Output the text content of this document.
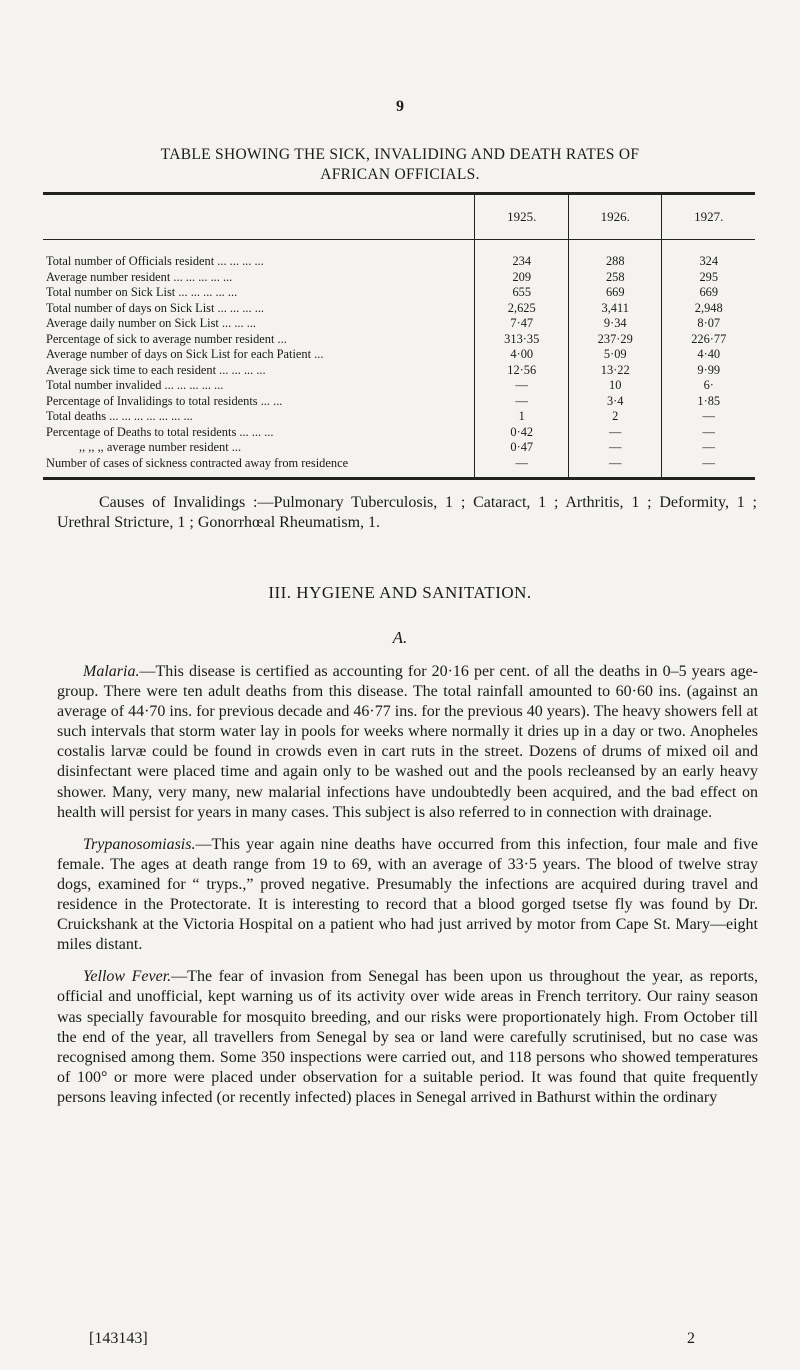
9
TABLE SHOWING THE SICK, INVALIDING AND DEATH RATES OF
AFRICAN OFFICIALS.
	1925.	1926.	1927.
Total number of Officials resident ... ... ... ...	234	288	324
Average number resident ... ... ... ... ...	209	258	295
Total number on Sick List ... ... ... ... ...	655	669	669
Total number of days on Sick List ... ... ... ...	2,625	3,411	2,948
Average daily number on Sick List ... ... ...	7·47	9·34	8·07
Percentage of sick to average number resident ...	313·35	237·29	226·77
Average number of days on Sick List for each Patient ...	4·00	5·09	4·40
Average sick time to each resident ... ... ... ...	12·56	13·22	9·99
Total number invalided ... ... ... ... ...	—	10	6·
Percentage of Invalidings to total residents ... ...	—	3·4	1·85
Total deaths ... ... ... ... ... ... ...	1	2	—
Percentage of Deaths to total residents ... ... ...	0·42	—	—
,, ,, ,, average number resident ...	0·47	—	—
Number of cases of sickness contracted away from residence	—	—	—

Causes of Invalidings :—Pulmonary Tuberculosis, 1 ; Cataract, 1 ; Arthritis, 1 ; Deformity, 1 ; Urethral Stricture, 1 ; Gonorrhœal Rheumatism, 1.

III. HYGIENE AND SANITATION.
A.

Malaria.—This disease is certified as accounting for 20·16 per cent. of all the deaths in 0–5 years age-group. There were ten adult deaths from this disease. The total rainfall amounted to 60·60 ins. (against an average of 44·70 ins. for previous decade and 46·77 ins. for the previous 40 years). The heavy showers fell at such intervals that storm water lay in pools for weeks where normally it dries up in a day or two. Anopheles costalis larvæ could be found in crowds even in cart ruts in the street. Dozens of drums of mixed oil and disinfectant were placed time and again only to be washed out and the pools recleansed by an early heavy shower. Many, very many, new malarial infections have undoubtedly been acquired, and the bad effect on health will persist for years in many cases. This subject is also referred to in connection with drainage.

Trypanosomiasis.—This year again nine deaths have occurred from this infection, four male and five female. The ages at death range from 19 to 69, with an average of 33·5 years. The blood of twelve stray dogs, examined for “ tryps.,” proved negative. Presumably the infections are acquired during travel and residence in the Protectorate. It is interesting to record that a blood gorged tsetse fly was found by Dr. Cruickshank at the Victoria Hospital on a patient who had just arrived by motor from Cape St. Mary—eight miles distant.

Yellow Fever.—The fear of invasion from Senegal has been upon us throughout the year, as reports, official and unofficial, kept warning us of its activity over wide areas in French territory. Our rainy season was specially favourable for mosquito breeding, and our risks were proportionately high. From October till the end of the year, all travellers from Senegal by sea or land were carefully scrutinised, but no case was recognised among them. Some 350 inspections were carried out, and 118 persons who showed temperatures of 100° or more were placed under observation for a suitable period. It was found that quite frequently persons leaving infected (or recently infected) places in Senegal arrived in Bathurst within the ordinary

[143143]	2
